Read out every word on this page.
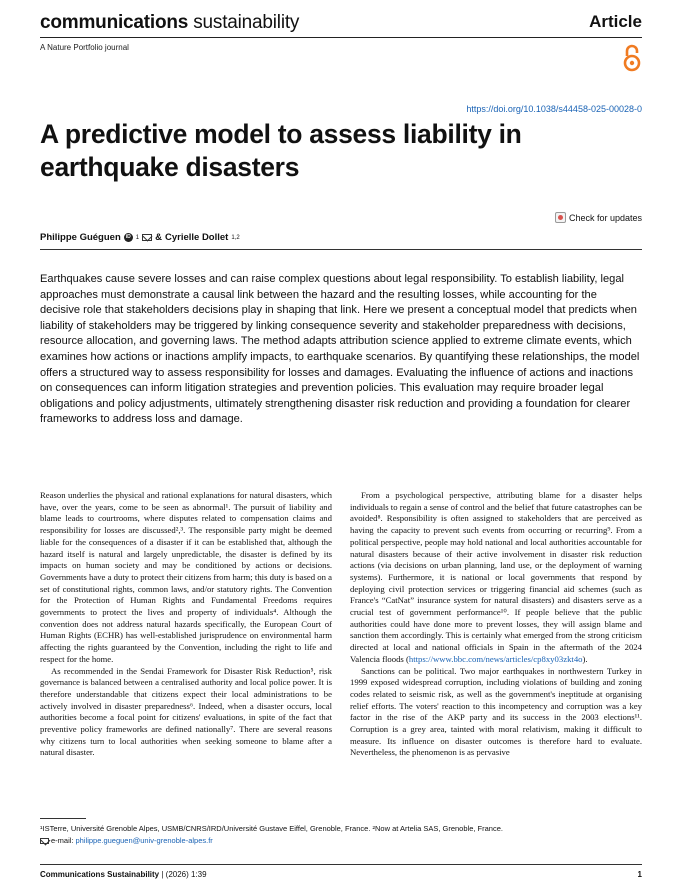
communications sustainability	Article
A Nature Portfolio journal
https://doi.org/10.1038/s44458-025-00028-0
A predictive model to assess liability in earthquake disasters
Check for updates
Philippe Guéguen	iD 1 & Cyrielle Dollet 1,2

Earthquakes cause severe losses and can raise complex questions about legal responsibility. To establish liability, legal approaches must demonstrate a causal link between the hazard and the resulting losses, while accounting for the decisive role that stakeholders decisions play in shaping that link. Here we present a conceptual model that predicts when liability of stakeholders may be triggered by linking consequence severity and stakeholder preparedness with decisions, resource allocation, and governing laws. The method adapts attribution science applied to extreme climate events, which examines how actions or inactions amplify impacts, to earthquake scenarios. By quantifying these relationships, the model offers a structured way to assess responsibility for losses and damages. Evaluating the influence of actions and inactions on consequences can inform litigation strategies and prevention policies. This evaluation may require broader legal obligations and policy adjustments, ultimately strengthening disaster risk reduction and providing a foundation for clearer frameworks to address loss and damage.

Reason underlies the physical and rational explanations for natural disasters, which have, over the years, come to be seen as abnormal¹. The pursuit of liability and blame leads to courtrooms, where disputes related to compensation claims and responsibility for losses are discussed²,³. The responsible party might be deemed liable for the consequences of a disaster if it can be established that, although the hazard itself is natural and largely unpredictable, the disaster is defined by its impacts on human society and may be conditioned by actions or decisions. Governments have a duty to protect their citizens from harm; this duty is based on a set of constitutional rights, common laws, and/or statutory rights. The Convention for the Protection of Human Rights and Fundamental Freedoms requires governments to protect the lives and property of individuals⁴. Although the convention does not address natural hazards specifically, the European Court of Human Rights (ECHR) has well-established jurisprudence on environmental harm affecting the rights guaranteed by the Convention, including the right to life and respect for the home.

As recommended in the Sendai Framework for Disaster Risk Reduction⁵, risk governance is balanced between a centralised authority and local police power. It is therefore understandable that citizens expect their local administrations to be actively involved in disaster preparedness⁶. Indeed, when a disaster occurs, local authorities become a focal point for citizens' evaluations, in spite of the fact that preventive policy frameworks are defined nationally⁷. There are several reasons why citizens turn to local authorities when seeking someone to blame after a natural disaster.

From a psychological perspective, attributing blame for a disaster helps individuals to regain a sense of control and the belief that future catastrophes can be avoided⁸. Responsibility is often assigned to stakeholders that are perceived as having the capacity to prevent such events from occurring or recurring⁹. From a political perspective, people may hold national and local authorities accountable for natural disasters because of their active involvement in disaster risk reduction actions (via decisions on urban planning, land use, or the deployment of warning systems). Furthermore, it is national or local governments that respond by deploying civil protection services or triggering financial aid schemes (such as France's “CatNat” insurance system for natural disasters) and disasters serve as a crucial test of government performance¹⁰. If people believe that the public authorities could have done more to prevent losses, they will assign blame and sanction them accordingly. This is certainly what emerged from the strong criticism directed at local and national officials in Spain in the aftermath of the 2024 Valencia floods (https://www.bbc.com/news/articles/cp8xy03zkt4o).

Sanctions can be political. Two major earthquakes in northwestern Turkey in 1999 exposed widespread corruption, including violations of building and zoning codes related to seismic risk, as well as the government's ineptitude at organising relief efforts. The voters' reaction to this incompetency and corruption was a key factor in the rise of the AKP party and its success in the 2003 elections¹¹. Corruption is a grey area, tainted with moral relativism, making it difficult to measure. Its influence on disaster outcomes is therefore hard to evaluate. Nevertheless, the phenomenon is as pervasive

¹ISTerre, Université Grenoble Alpes, USMB/CNRS/IRD/Université Gustave Eiffel, Grenoble, France. ²Now at Artelia SAS, Grenoble, France.
e-mail: philippe.gueguen@univ-grenoble-alpes.fr
Communications Sustainability | (2026) 1:39	1
